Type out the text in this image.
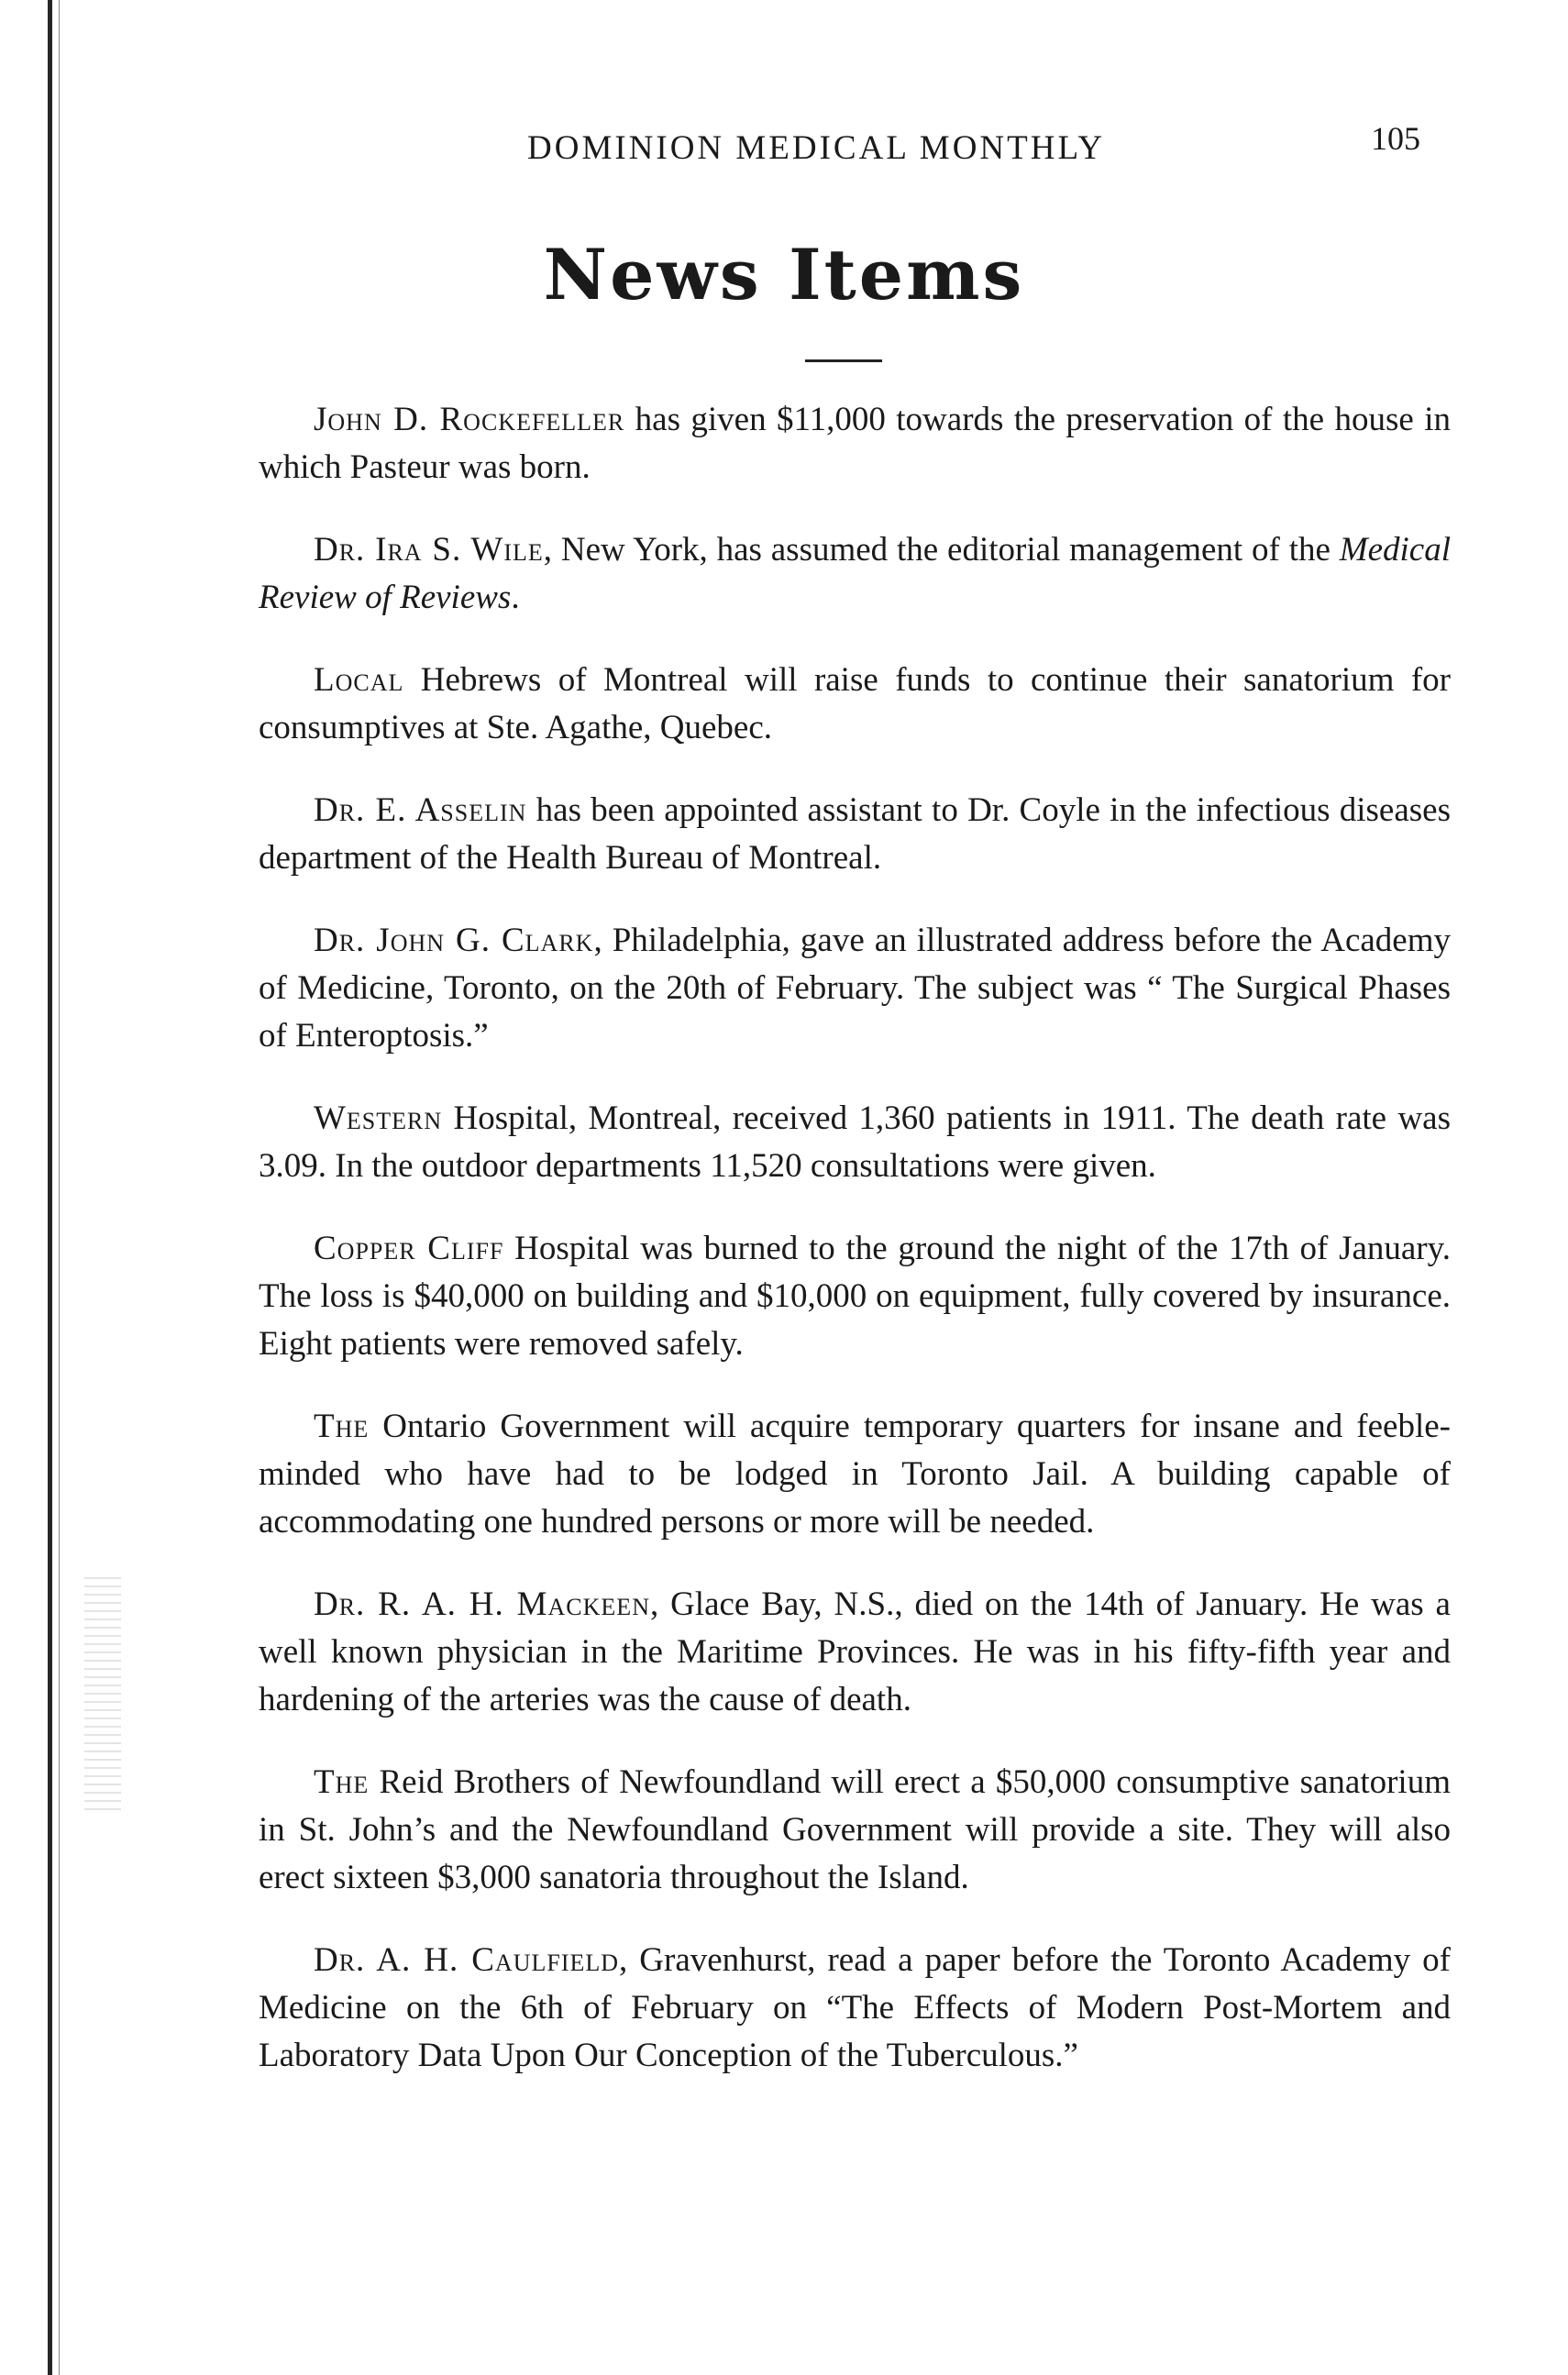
DOMINION MEDICAL MONTHLY	105
News Items

John D. Rockefeller has given $11,000 towards the preservation of the house in which Pasteur was born.

Dr. Ira S. Wile, New York, has assumed the editorial management of the Medical Review of Reviews.

Local Hebrews of Montreal will raise funds to continue their sanatorium for consumptives at Ste. Agathe, Quebec.

Dr. E. Asselin has been appointed assistant to Dr. Coyle in the infectious diseases department of the Health Bureau of Montreal.

Dr. John G. Clark, Philadelphia, gave an illustrated address before the Academy of Medicine, Toronto, on the 20th of February. The subject was “ The Surgical Phases of Enteroptosis.”

Western Hospital, Montreal, received 1,360 patients in 1911. The death rate was 3.09. In the outdoor departments 11,520 consultations were given.

Copper Cliff Hospital was burned to the ground the night of the 17th of January. The loss is $40,000 on building and $10,000 on equipment, fully covered by insurance. Eight patients were removed safely.

The Ontario Government will acquire temporary quarters for insane and feeble-minded who have had to be lodged in Toronto Jail. A building capable of accommodating one hundred persons or more will be needed.

Dr. R. A. H. Mackeen, Glace Bay, N.S., died on the 14th of January. He was a well known physician in the Maritime Provinces. He was in his fifty-fifth year and hardening of the arteries was the cause of death.

The Reid Brothers of Newfoundland will erect a $50,000 consumptive sanatorium in St. John’s and the Newfoundland Government will provide a site. They will also erect sixteen $3,000 sanatoria throughout the Island.

Dr. A. H. Caulfield, Gravenhurst, read a paper before the Toronto Academy of Medicine on the 6th of February on “The Effects of Modern Post-Mortem and Laboratory Data Upon Our Conception of the Tuberculous.”
